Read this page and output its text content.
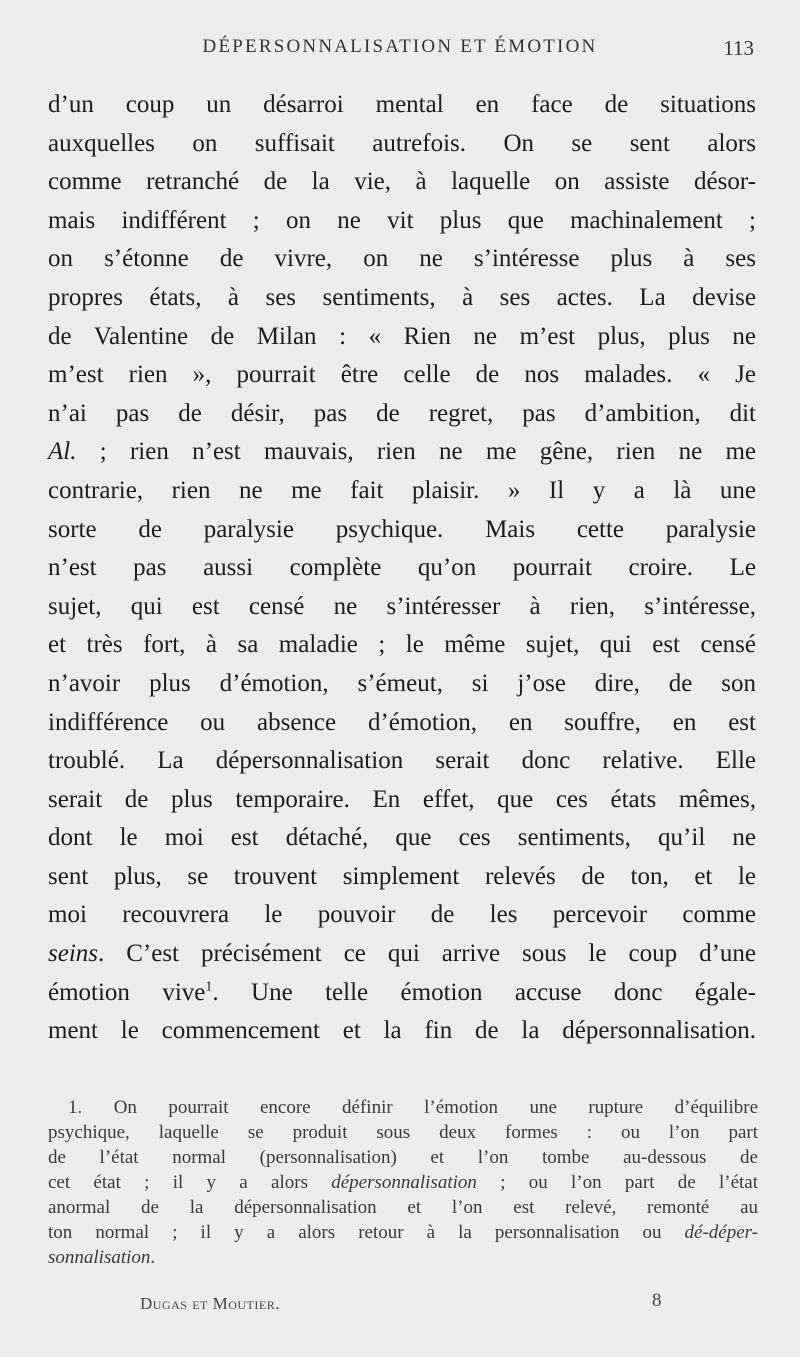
DÉPERSONNALISATION ET ÉMOTION	113
d’un coup un désarroi mental en face de situations
auxquelles on suffisait autrefois. On se sent alors
comme retranché de la vie, à laquelle on assiste désor-
mais indifférent ; on ne vit plus que machinalement ;
on s’étonne de vivre, on ne s’intéresse plus à ses
propres états, à ses sentiments, à ses actes. La devise
de Valentine de Milan : « Rien ne m’est plus, plus ne
m’est rien », pourrait être celle de nos malades. « Je
n’ai pas de désir, pas de regret, pas d’ambition, dit
Al. ; rien n’est mauvais, rien ne me gêne, rien ne me
contrarie, rien ne me fait plaisir. » Il y a là une
sorte de paralysie psychique. Mais cette paralysie
n’est pas aussi complète qu’on pourrait croire. Le
sujet, qui est censé ne s’intéresser à rien, s’intéresse,
et très fort, à sa maladie ; le même sujet, qui est censé
n’avoir plus d’émotion, s’émeut, si j’ose dire, de son
indifférence ou absence d’émotion, en souffre, en est
troublé. La dépersonnalisation serait donc relative. Elle
serait de plus temporaire. En effet, que ces états mêmes,
dont le moi est détaché, que ces sentiments, qu’il ne
sent plus, se trouvent simplement relevés de ton, et le
moi recouvrera le pouvoir de les percevoir comme
seins. C’est précisément ce qui arrive sous le coup d’une
émotion vive$^1$. Une telle émotion accuse donc égale-
ment le commencement et la fin de la dépersonnalisation.
1. On pourrait encore définir l’émotion une rupture d’équilibre
psychique, laquelle se produit sous deux formes : ou l’on part
de l’état normal (personnalisation) et l’on tombe au-dessous de
cet état ; il y a alors dépersonnalisation ; ou l’on part de l’état
anormal de la dépersonnalisation et l’on est relevé, remonté au
ton normal ; il y a alors retour à la personnalisation ou dé-déper-
sonnalisation.
Dugas et Moutier.	8
